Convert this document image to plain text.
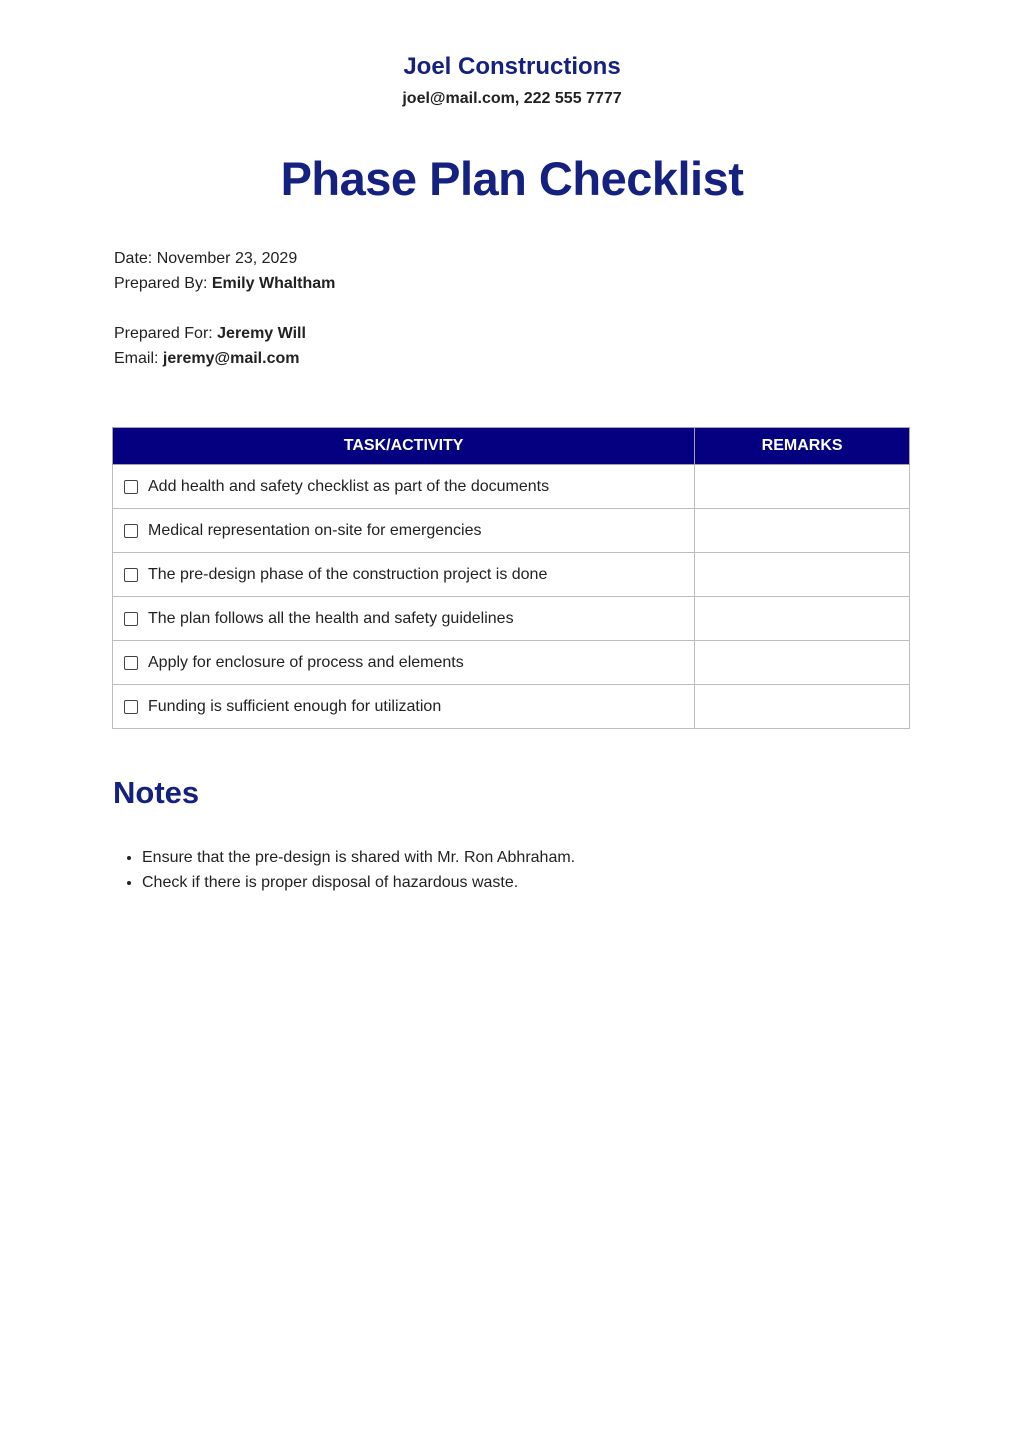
Joel Constructions
joel@mail.com, 222 555 7777
Phase Plan Checklist
Date: November 23, 2029
Prepared By: Emily Whaltham
Prepared For: Jeremy Will
Email: jeremy@mail.com
TASK/ACTIVITY	REMARKS

Add health and safety checklist as part of the documents	

Medical representation on-site for emergencies	

The pre-design phase of the construction project is done	

The plan follows all the health and safety guidelines	

Apply for enclosure of process and elements	

Funding is sufficient enough for utilization	

Notes
• Ensure that the pre-design is shared with Mr. Ron Abhraham.
• Check if there is proper disposal of hazardous waste.
